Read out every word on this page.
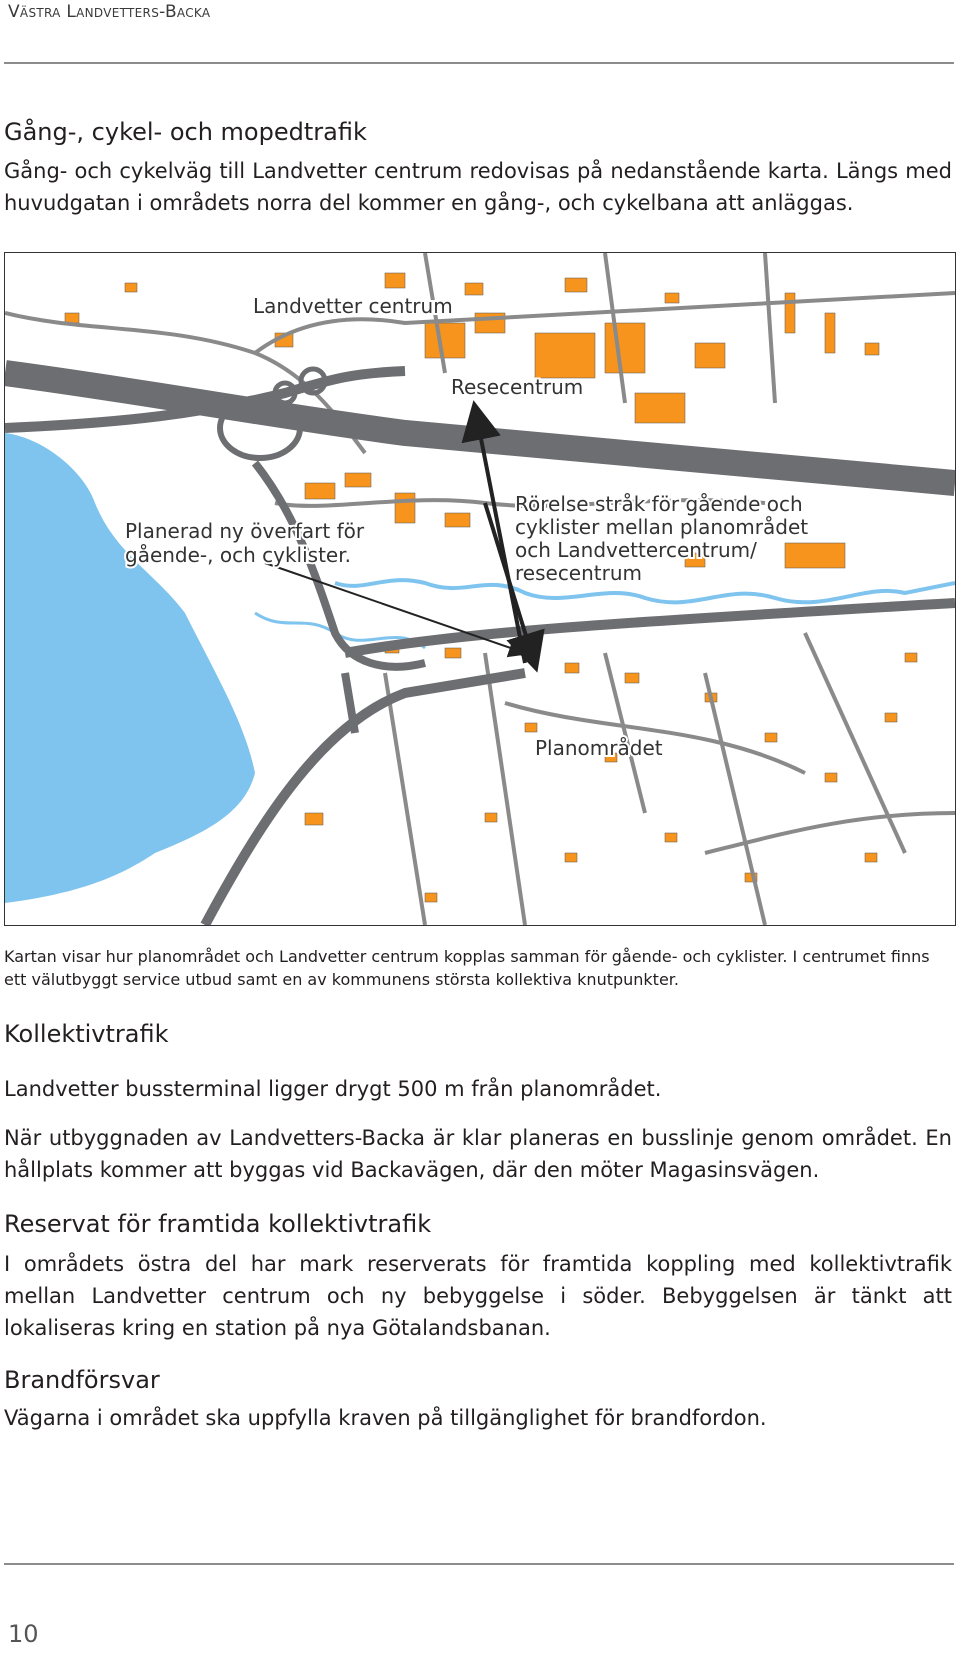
Västra Landvetters-Backa
Gång-, cykel- och mopedtrafik

Gång- och cykelväg till Landvetter centrum redovisas på nedanstående karta. Längs med huvudgatan i områdets norra del kommer en gång-, och cykelbana att anläggas.

Landvetter centrum
Resecentrum
Planerad ny överfart för
gående-, och cyklister.
Rörelse stråk för gående och
cyklister mellan planområdet
och Landvettercentrum/
resecentrum
Planområdet

Kartan visar hur planområdet och Landvetter centrum kopplas samman för gående- och cyklister. I centrumet finns ett välutbyggt service utbud samt en av kommunens största kollektiva knutpunkter.

Kollektivtrafik

Landvetter bussterminal ligger drygt 500 m från planområdet.

När utbyggnaden av Landvetters-Backa är klar planeras en busslinje genom området. En hållplats kommer att byggas vid Backavägen, där den möter Magasinsvägen.

Reservat för framtida kollektivtrafik

I områdets östra del har mark reserverats för framtida koppling med kollektivtrafik mellan Landvetter centrum och ny bebyggelse i söder. Bebyggelsen är tänkt att lokaliseras kring en station på nya Götalandsbanan.

Brandförsvar

Vägarna i området ska uppfylla kraven på tillgänglighet för brandfordon.

10
